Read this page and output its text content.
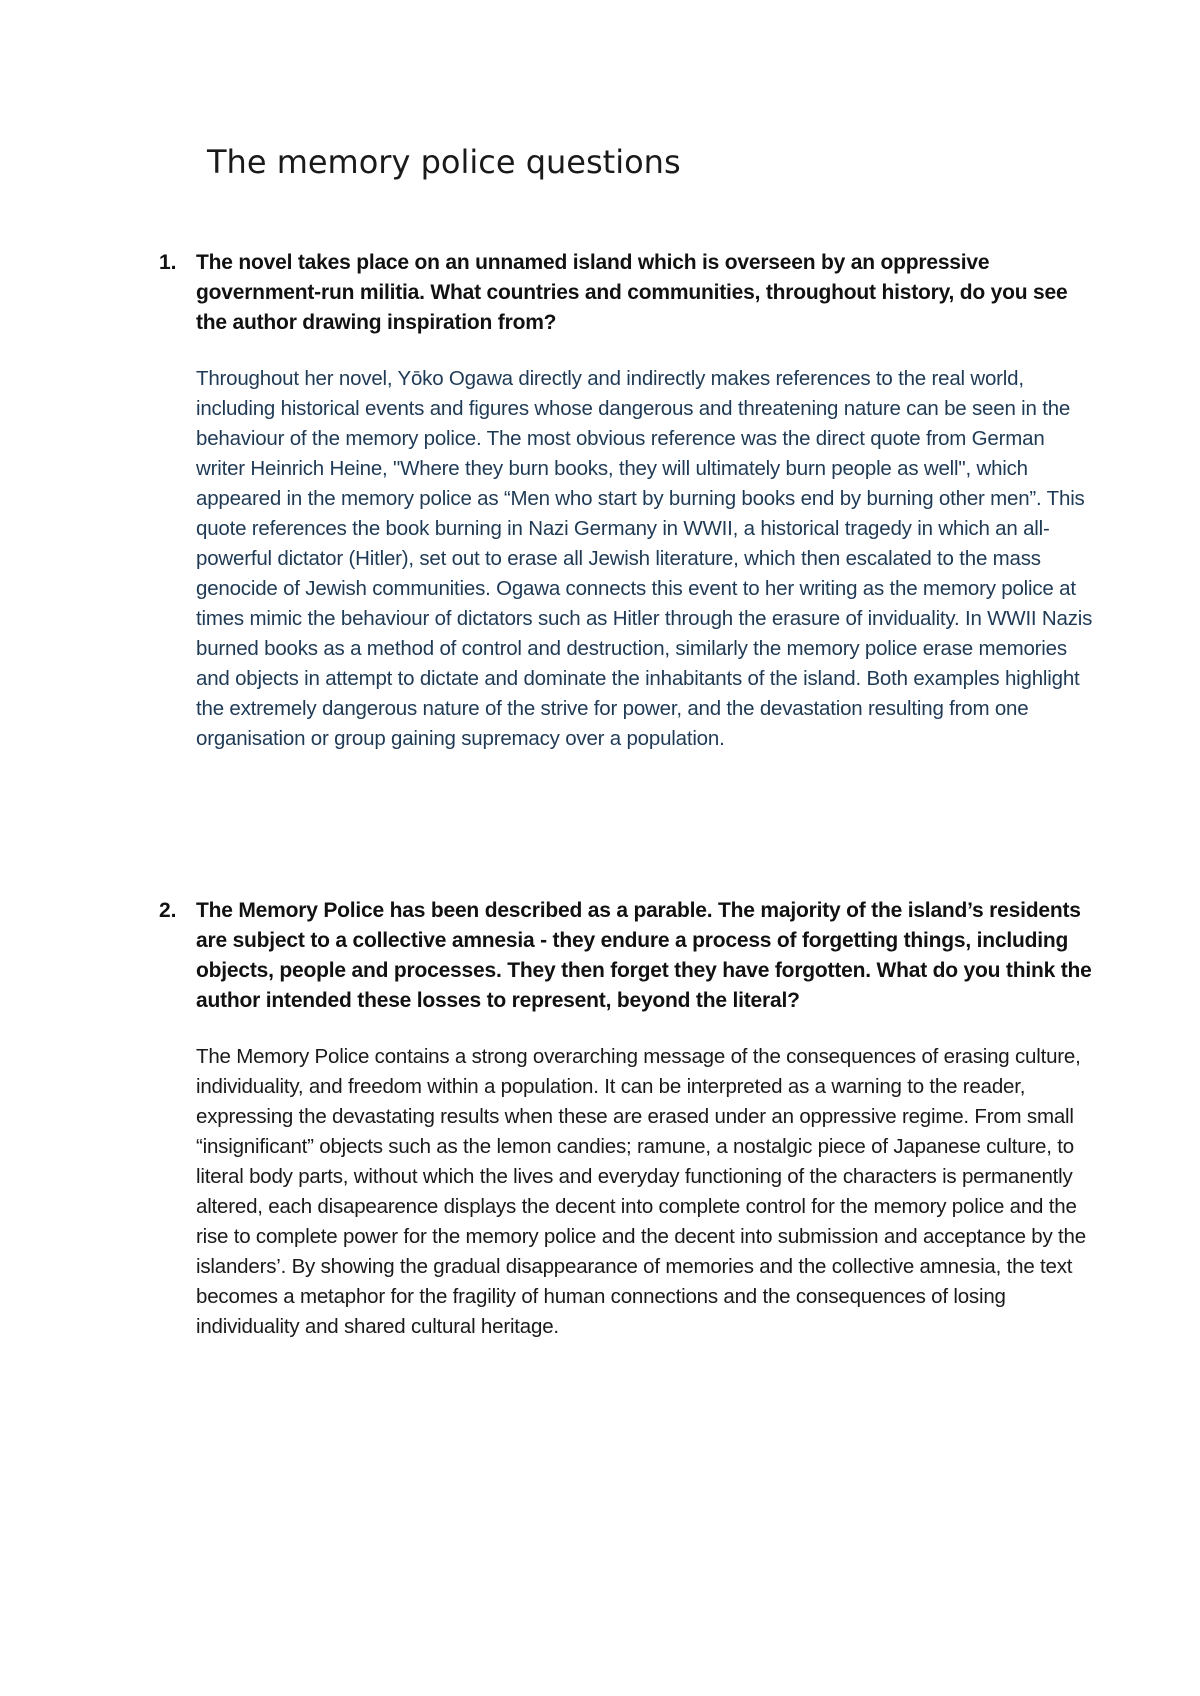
The memory police questions
1. The novel takes place on an unnamed island which is overseen by an oppressive government-run militia. What countries and communities, throughout history, do you see the author drawing inspiration from?

Throughout her novel, Yōko Ogawa directly and indirectly makes references to the real world, including historical events and figures whose dangerous and threatening nature can be seen in the behaviour of the memory police. The most obvious reference was the direct quote from German writer Heinrich Heine, "Where they burn books, they will ultimately burn people as well", which appeared in the memory police as “Men who start by burning books end by burning other men”. This quote references the book burning in Nazi Germany in WWII, a historical tragedy in which an all-powerful dictator (Hitler), set out to erase all Jewish literature, which then escalated to the mass genocide of Jewish communities. Ogawa connects this event to her writing as the memory police at times mimic the behaviour of dictators such as Hitler through the erasure of inviduality. In WWII Nazis burned books as a method of control and destruction, similarly the memory police erase memories and objects in attempt to dictate and dominate the inhabitants of the island. Both examples highlight the extremely dangerous nature of the strive for power, and the devastation resulting from one organisation or group gaining supremacy over a population.

2. The Memory Police has been described as a parable. The majority of the island’s residents are subject to a collective amnesia - they endure a process of forgetting things, including objects, people and processes. They then forget they have forgotten. What do you think the author intended these losses to represent, beyond the literal?

The Memory Police contains a strong overarching message of the consequences of erasing culture, individuality, and freedom within a population. It can be interpreted as a warning to the reader, expressing the devastating results when these are erased under an oppressive regime. From small “insignificant” objects such as the lemon candies; ramune, a nostalgic piece of Japanese culture, to literal body parts, without which the lives and everyday functioning of the characters is permanently altered, each disapearence displays the decent into complete control for the memory police and the rise to complete power for the memory police and the decent into submission and acceptance by the islanders’. By showing the gradual disappearance of memories and the collective amnesia, the text becomes a metaphor for the fragility of human connections and the consequences of losing individuality and shared cultural heritage.
